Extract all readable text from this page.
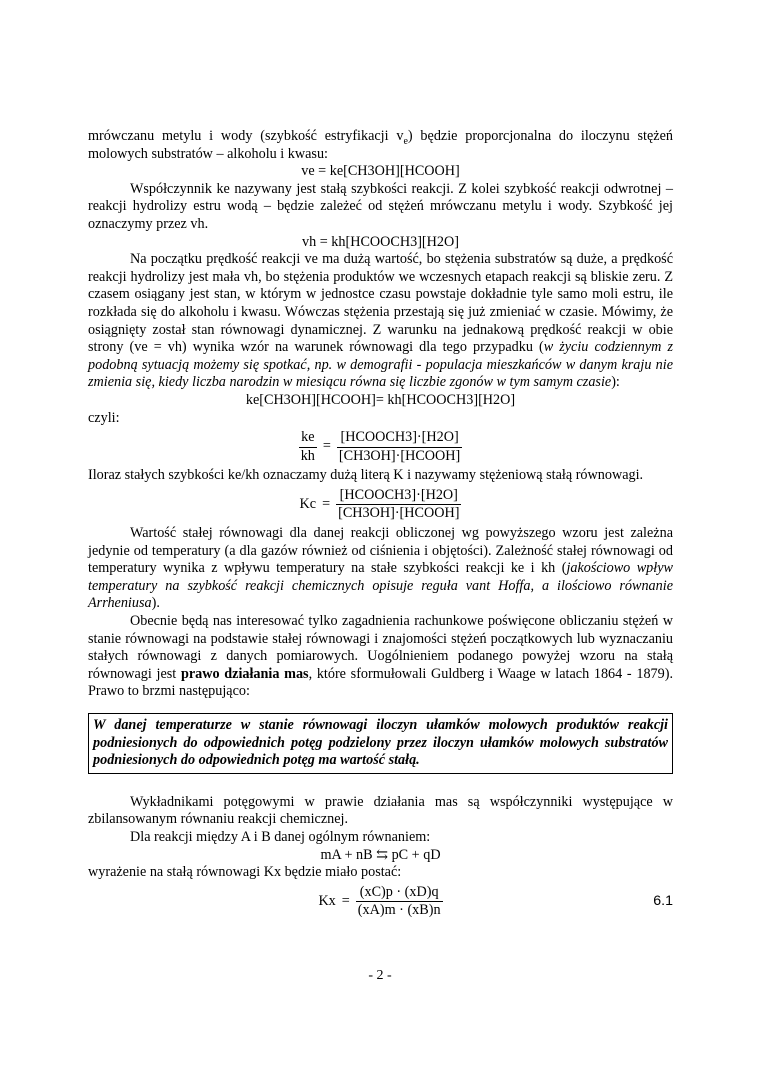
mrówczanu metylu i wody (szybkość estryfikacji $v_e$) będzie proporcjonalna do iloczynu stężeń molowych substratów – alkoholu i kwasu:

ve = ke[CH3OH][HCOOH]

Współczynnik ke nazywany jest stałą szybkości reakcji. Z kolei szybkość reakcji odwrotnej – reakcji hydrolizy estru wodą – będzie zależeć od stężeń mrówczanu metylu i wody. Szybkość jej oznaczymy przez vh.

vh = kh[HCOOCH3][H2O]

Na początku prędkość reakcji ve ma dużą wartość, bo stężenia substratów są duże, a prędkość reakcji hydrolizy jest mała vh, bo stężenia produktów we wczesnych etapach reakcji są bliskie zeru. Z czasem osiągany jest stan, w którym w jednostce czasu powstaje dokładnie tyle samo moli estru, ile rozkłada się do alkoholu i kwasu. Wówczas stężenia przestają się już zmieniać w czasie. Mówimy, że osiągnięty został stan równowagi dynamicznej. Z warunku na jednakową prędkość reakcji w obie strony (ve = vh) wynika wzór na warunek równowagi dla tego przypadku (w życiu codziennym z podobną sytuacją możemy się spotkać, np. w demografii - populacja mieszkańców w danym kraju nie zmienia się, kiedy liczba narodzin w miesiącu równa się liczbie zgonów w tym samym czasie):

ke[CH3OH][HCOOH]= kh[HCOOCH3][H2O]

czyli:

$\frac{ke}{kh} = \frac{\text{[HCOOCH3]·[H2O]}}{\text{[CH3OH]·[HCOOH]}}$

Iloraz stałych szybkości ke/kh oznaczamy dużą literą K i nazywamy stężeniową stałą równowagi.

$Kc = \frac{\text{[HCOOCH3]·[H2O]}}{\text{[CH3OH]·[HCOOH]}}$

Wartość stałej równowagi dla danej reakcji obliczonej wg powyższego wzoru jest zależna jedynie od temperatury (a dla gazów również od ciśnienia i objętości). Zależność stałej równowagi od temperatury wynika z wpływu temperatury na stałe szybkości reakcji ke i kh (jakościowo wpływ temperatury na szybkość reakcji chemicznych opisuje reguła vant Hoffa, a ilościowo równanie Arrheniusa).

Obecnie będą nas interesować tylko zagadnienia rachunkowe poświęcone obliczaniu stężeń w stanie równowagi na podstawie stałej równowagi i znajomości stężeń początkowych lub wyznaczaniu stałych równowagi z danych pomiarowych. Uogólnieniem podanego powyżej wzoru na stałą równowagi jest prawo działania mas, które sformułowali Guldberg i Waage w latach 1864 - 1879). Prawo to brzmi następująco:

W danej temperaturze w stanie równowagi iloczyn ułamków molowych produktów reakcji podniesionych do odpowiednich potęg podzielony przez iloczyn ułamków molowych substratów podniesionych do odpowiednich potęg ma wartość stałą.

Wykładnikami potęgowymi w prawie działania mas są współczynniki występujące w zbilansowanym równaniu reakcji chemicznej.

Dla reakcji między A i B danej ogólnym równaniem:

mA + nB ⇆ pC + qD

wyrażenie na stałą równowagi Kx będzie miało postać:

$Kx = \frac{(xC)p \cdot (xD)q}{(xA)m \cdot (xB)n}$	6.1
- 2 -
